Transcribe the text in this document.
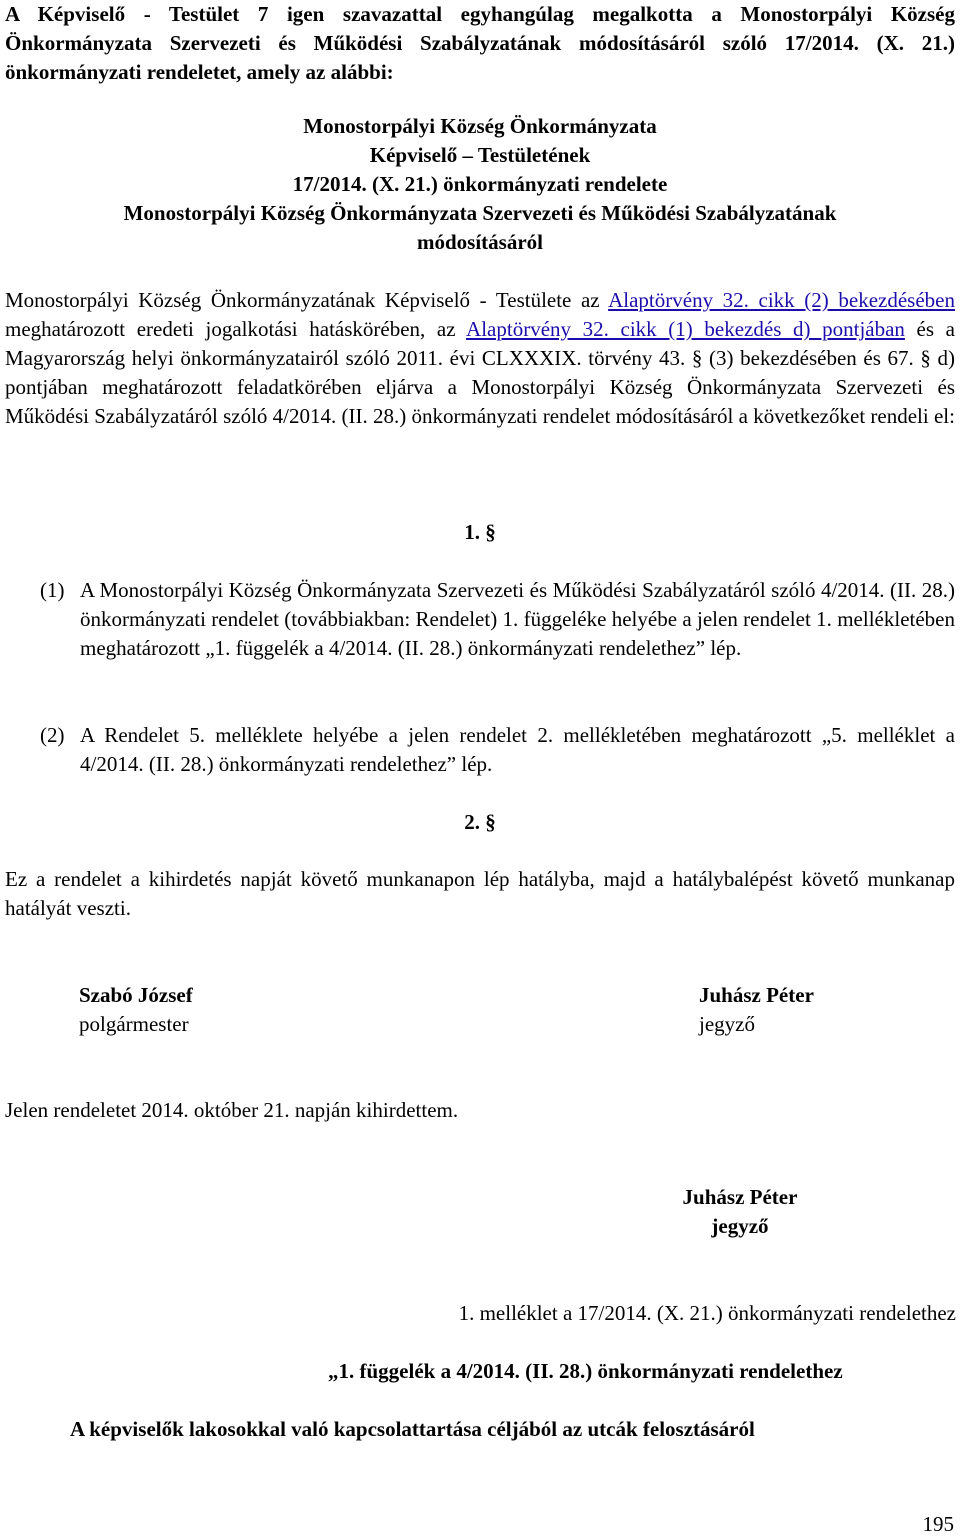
A Képviselő - Testület 7 igen szavazattal egyhangúlag megalkotta a Monostorpályi Község Önkormányzata Szervezeti és Működési Szabályzatának módosításáról szóló 17/2014. (X. 21.) önkormányzati rendeletet, amely az alábbi:
Monostorpályi Község Önkormányzata
Képviselő – Testületének
17/2014. (X. 21.) önkormányzati rendelete
Monostorpályi Község Önkormányzata Szervezeti és Működési Szabályzatának
módosításáról
Monostorpályi Község Önkormányzatának Képviselő - Testülete az Alaptörvény 32. cikk (2) bekezdésében meghatározott eredeti jogalkotási hatáskörében, az Alaptörvény 32. cikk (1) bekezdés d) pontjában és a Magyarország helyi önkormányzatairól szóló 2011. évi CLXXXIX. törvény 43. § (3) bekezdésében és 67. § d) pontjában meghatározott feladatkörében eljárva a Monostorpályi Község Önkormányzata Szervezeti és Működési Szabályzatáról szóló 4/2014. (II. 28.) önkormányzati rendelet módosításáról a következőket rendeli el:
1. §
(1) A Monostorpályi Község Önkormányzata Szervezeti és Működési Szabályzatáról szóló 4/2014. (II. 28.) önkormányzati rendelet (továbbiakban: Rendelet) 1. függeléke helyébe a jelen rendelet 1. mellékletében meghatározott „1. függelék a 4/2014. (II. 28.) önkormányzati rendelethez” lép.
(2) A Rendelet 5. melléklete helyébe a jelen rendelet 2. mellékletében meghatározott „5. melléklet a 4/2014. (II. 28.) önkormányzati rendelethez” lép.
2. §
Ez a rendelet a kihirdetés napját követő munkanapon lép hatályba, majd a hatálybalépést követő munkanap hatályát veszti.
Szabó József
polgármester
Juhász Péter
jegyző
Jelen rendeletet 2014. október 21. napján kihirdettem.
Juhász Péter
jegyző
1. melléklet a 17/2014. (X. 21.) önkormányzati rendelethez
„1. függelék a 4/2014. (II. 28.) önkormányzati rendelethez
A képviselők lakosokkal való kapcsolattartása céljából az utcák felosztásáról
195
